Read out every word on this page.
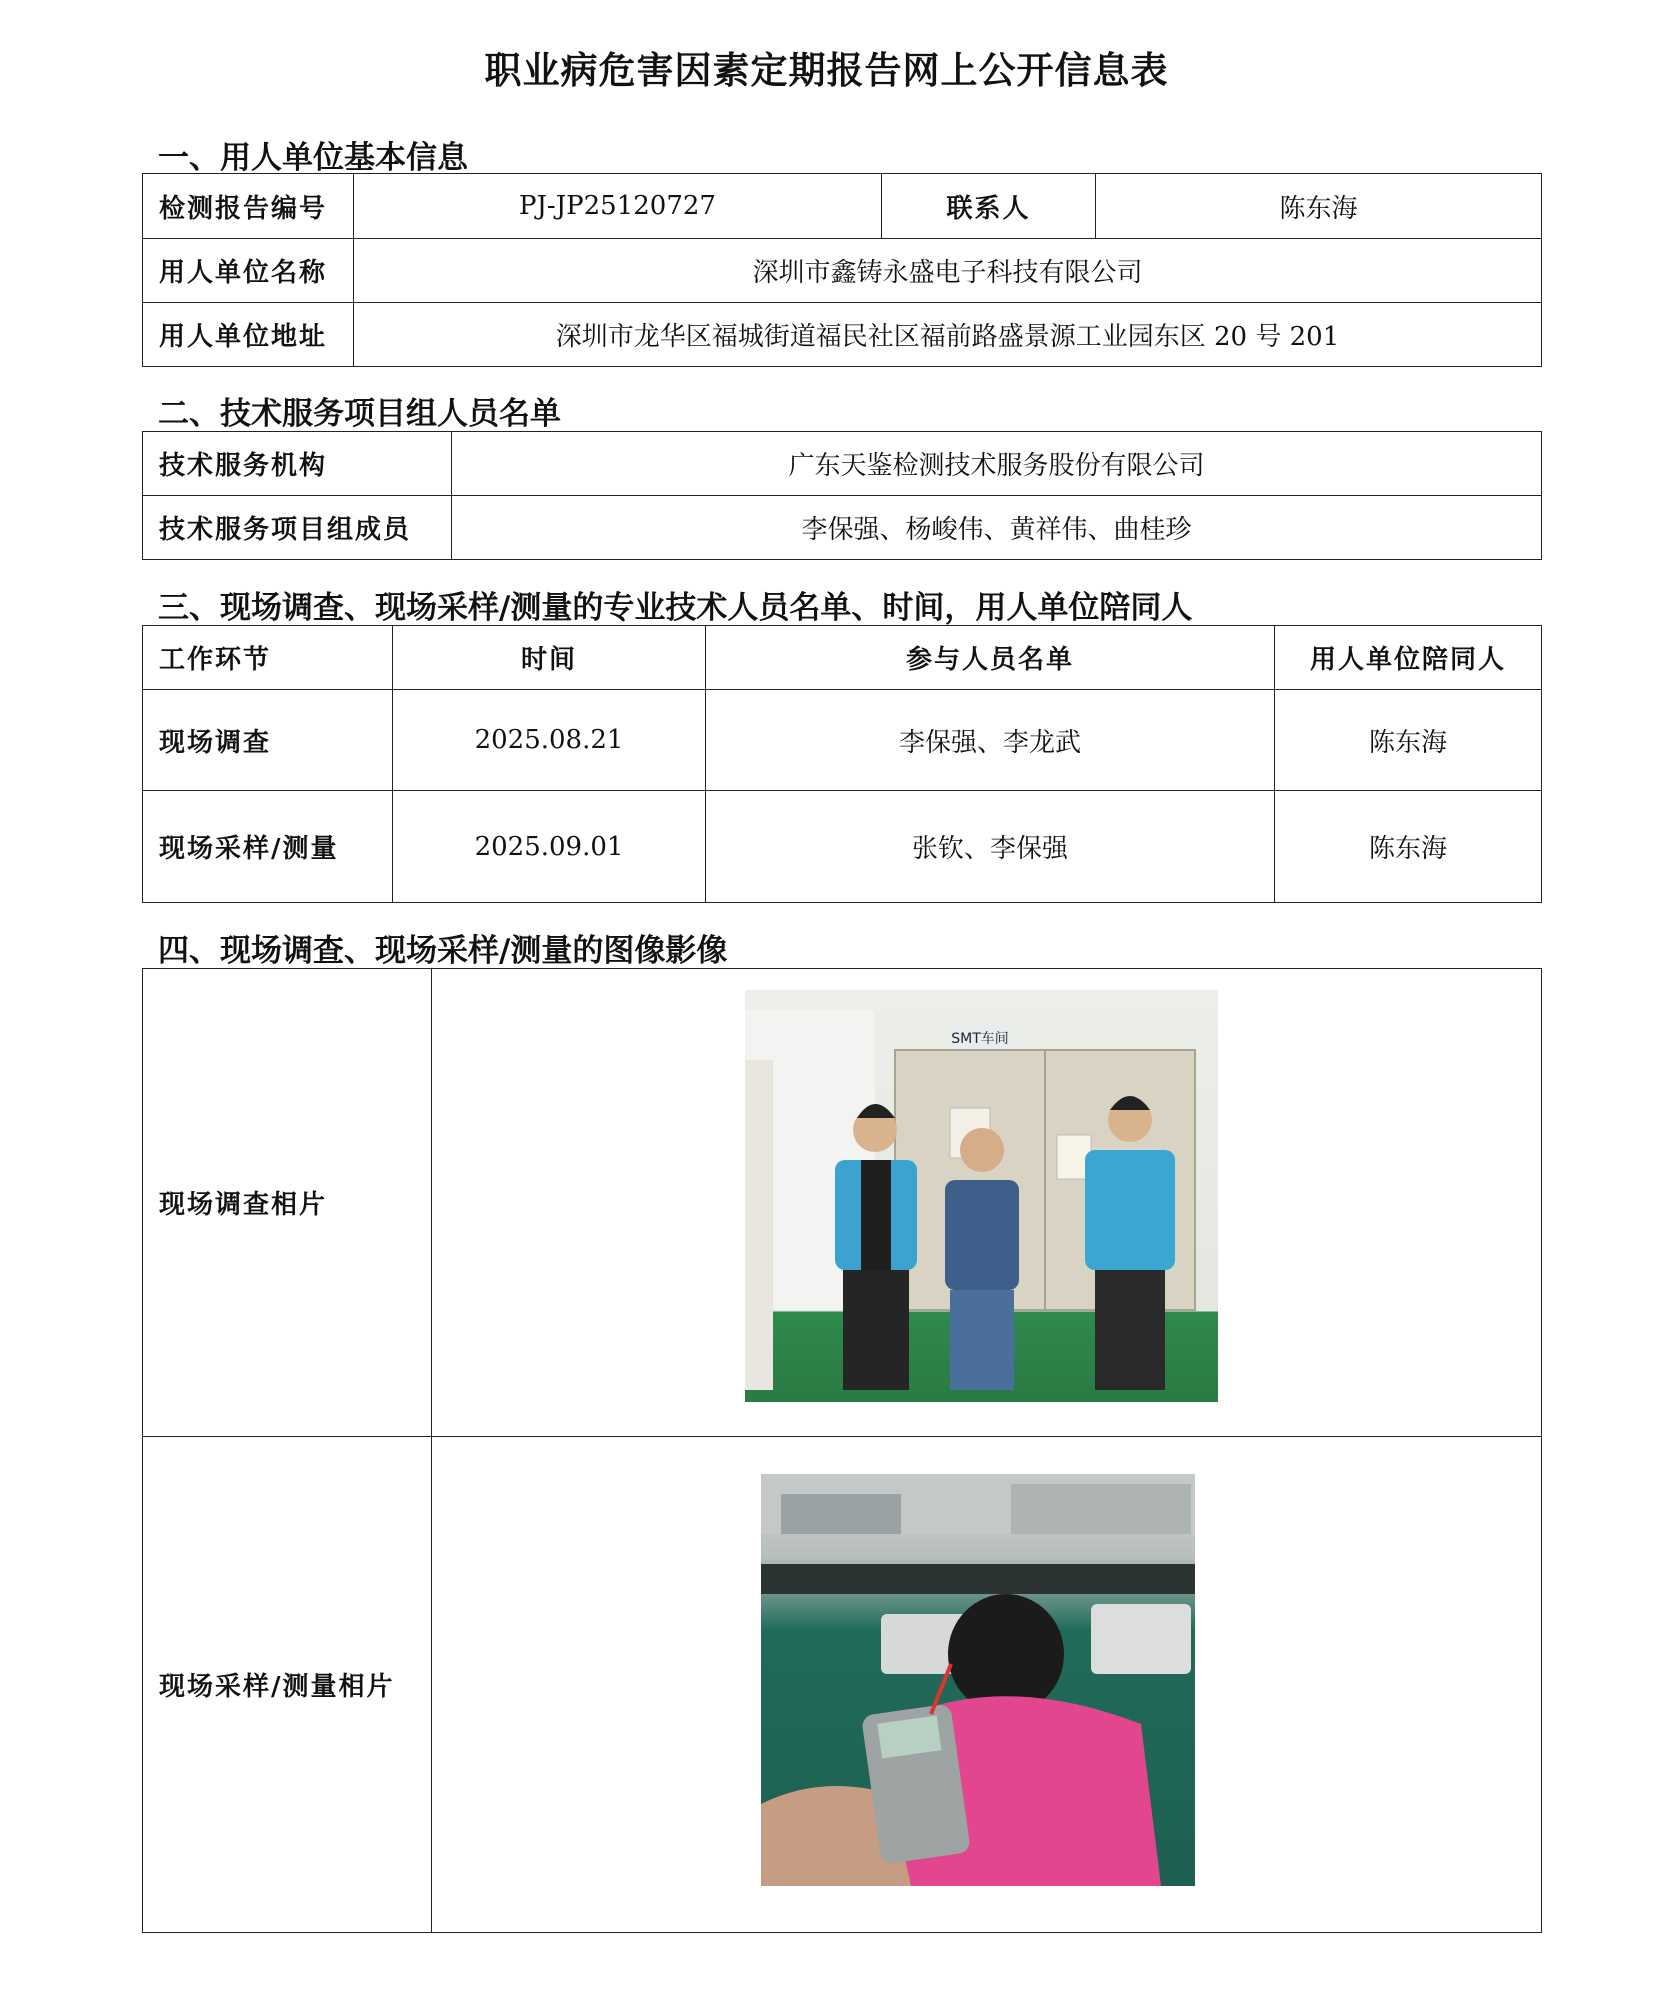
职业病危害因素定期报告网上公开信息表
一、用人单位基本信息
检测报告编号	PJ-JP25120727	联系人	陈东海
用人单位名称	深圳市鑫铸永盛电子科技有限公司		
用人单位地址	深圳市龙华区福城街道福民社区福前路盛景源工业园东区 20 号 201		
二、技术服务项目组人员名单
技术服务机构	广东天鉴检测技术服务股份有限公司
技术服务项目组成员	李保强、杨峻伟、黄祥伟、曲桂珍
三、现场调查、现场采样/测量的专业技术人员名单、时间，用人单位陪同人
工作环节	时间	参与人员名单	用人单位陪同人
现场调查	2025.08.21	李保强、李龙武	陈东海
现场采样/测量	2025.09.01	张钦、李保强	陈东海
四、现场调查、现场采样/测量的图像影像
现场调查相片	
现场采样/测量相片	
SMT车间
